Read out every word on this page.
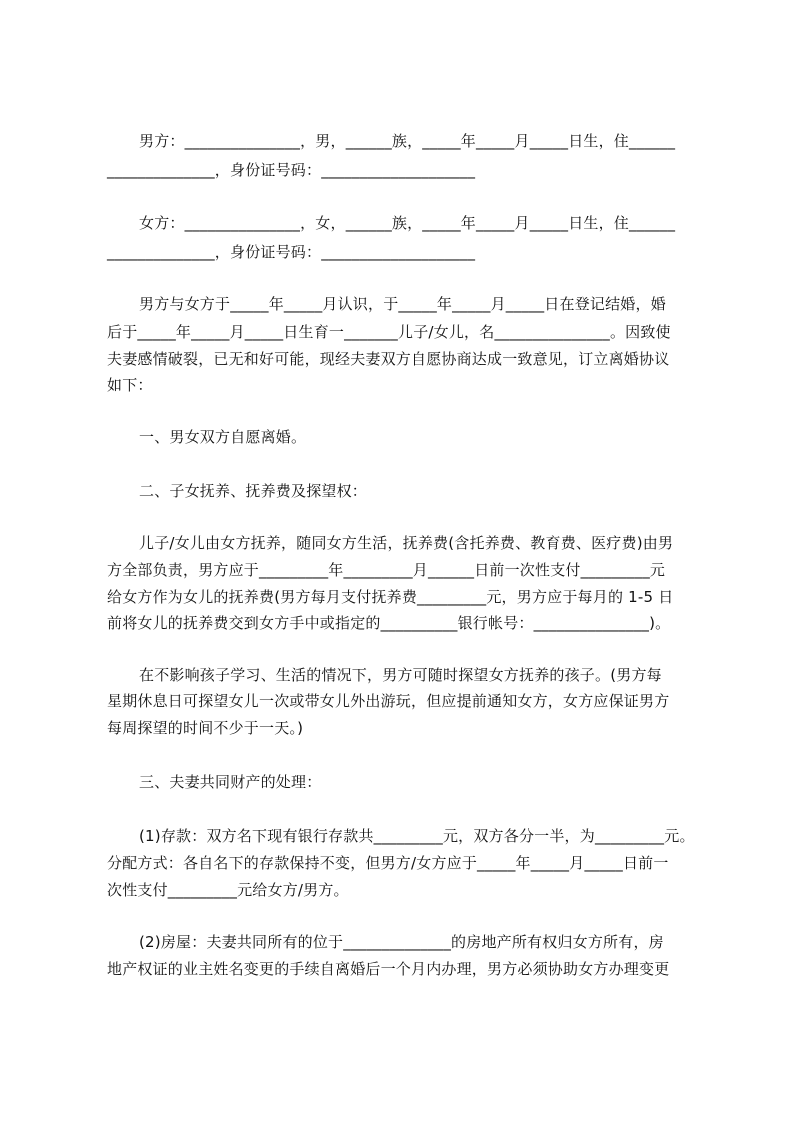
男方：_______________，男，______族，_____年_____月_____日生，住______
______________，身份证号码：____________________
女方：_______________，女，______族，_____年_____月_____日生，住______
______________，身份证号码：____________________
男方与女方于_____年_____月认识，于_____年_____月_____日在登记结婚，婚
后于_____年_____月_____日生育一_______儿子/女儿，名_______________。因致使
夫妻感情破裂，已无和好可能，现经夫妻双方自愿协商达成一致意见，订立离婚协议
如下：
一、男女双方自愿离婚。
二、子女抚养、抚养费及探望权：
儿子/女儿由女方抚养，随同女方生活，抚养费(含托养费、教育费、医疗费)由男
方全部负责，男方应于_________年_________月______日前一次性支付_________元
给女方作为女儿的抚养费(男方每月支付抚养费_________元，男方应于每月的 1-5 日
前将女儿的抚养费交到女方手中或指定的__________银行帐号：_______________)。
在不影响孩子学习、生活的情况下，男方可随时探望女方抚养的孩子。(男方每
星期休息日可探望女儿一次或带女儿外出游玩，但应提前通知女方，女方应保证男方
每周探望的时间不少于一天。)
三、夫妻共同财产的处理：
(1)存款：双方名下现有银行存款共_________元，双方各分一半，为_________元。
分配方式：各自名下的存款保持不变，但男方/女方应于_____年_____月_____日前一
次性支付_________元给女方/男方。
(2)房屋：夫妻共同所有的位于______________的房地产所有权归女方所有，房
地产权证的业主姓名变更的手续自离婚后一个月内办理，男方必须协助女方办理变更
